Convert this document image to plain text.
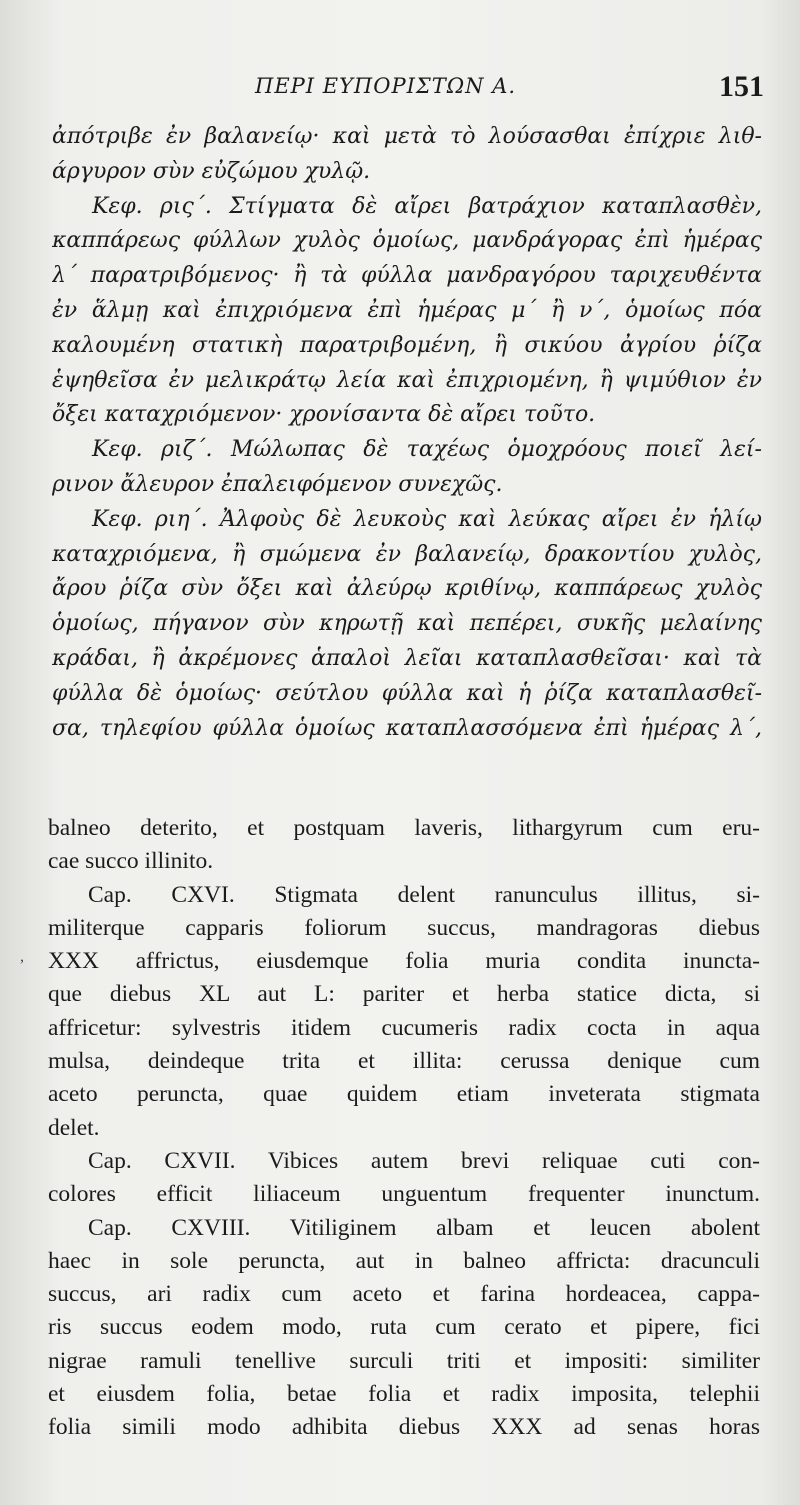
ΠΕΡΙ ΕΥΠΟΡΙΣΤΩΝ Α.	151
ἀπότριβε ἐν βαλανείῳ· καὶ μετὰ τὸ λούσασθαι ἐπίχριε λιθ-
άργυρον σὺν εὐζώμου χυλῷ.
Κεφ. ρις΄. Στίγματα δὲ αἴρει βατράχιον καταπλασθὲν,
καππάρεως φύλλων χυλὸς ὁμοίως, μανδράγορας ἐπὶ ἡμέρας
λ΄ παρατριβόμενος· ἢ τὰ φύλλα μανδραγόρου ταριχευθέντα
ἐν ἅλμῃ καὶ ἐπιχριόμενα ἐπὶ ἡμέρας μ΄ ἢ ν΄, ὁμοίως πόα
καλουμένη στατικὴ παρατριβομένη, ἢ σικύου ἀγρίου ῥίζα
ἑψηθεῖσα ἐν μελικράτῳ λεία καὶ ἐπιχριομένη, ἢ ψιμύθιον ἐν
ὄξει καταχριόμενον· χρονίσαντα δὲ αἴρει τοῦτο.
Κεφ. ριζ΄. Μώλωπας δὲ ταχέως ὁμοχρόους ποιεῖ λεί-
ρινον ἄλευρον ἐπαλειφόμενον συνεχῶς.
Κεφ. ριη΄. Ἀλφοὺς δὲ λευκοὺς καὶ λεύκας αἴρει ἐν ἡλίῳ
καταχριόμενα, ἢ σμώμενα ἐν βαλανείῳ, δρακοντίου χυλὸς,
ἄρου ῥίζα σὺν ὄξει καὶ ἀλεύρῳ κριθίνῳ, καππάρεως χυλὸς
ὁμοίως, πήγανον σὺν κηρωτῇ καὶ πεπέρει, συκῆς μελαίνης
κράδαι, ἢ ἀκρέμονες ἁπαλοὶ λεῖαι καταπλασθεῖσαι· καὶ τὰ
φύλλα δὲ ὁμοίως· σεύτλου φύλλα καὶ ἡ ῥίζα καταπλασθεῖ-
σα, τηλεφίου φύλλα ὁμοίως καταπλασσόμενα ἐπὶ ἡμέρας λ΄,
,
balneo deterito, et postquam laveris, lithargyrum cum eru-
cae succo illinito.
Cap. CXVI. Stigmata delent ranunculus illitus, si-
militerque capparis foliorum succus, mandragoras diebus
XXX affrictus, eiusdemque folia muria condita inuncta-
que diebus XL aut L: pariter et herba statice dicta, si
affricetur: sylvestris itidem cucumeris radix cocta in aqua
mulsa, deindeque trita et illita: cerussa denique cum
aceto peruncta, quae quidem etiam inveterata stigmata
delet.
Cap. CXVII. Vibices autem brevi reliquae cuti con-
colores efficit liliaceum unguentum frequenter inunctum.
Cap. CXVIII. Vitiliginem albam et leucen abolent
haec in sole peruncta, aut in balneo affricta: dracunculi
succus, ari radix cum aceto et farina hordeacea, cappa-
ris succus eodem modo, ruta cum cerato et pipere, fici
nigrae ramuli tenellive surculi triti et impositi: similiter
et eiusdem folia, betae folia et radix imposita, telephii
folia simili modo adhibita diebus XXX ad senas horas
